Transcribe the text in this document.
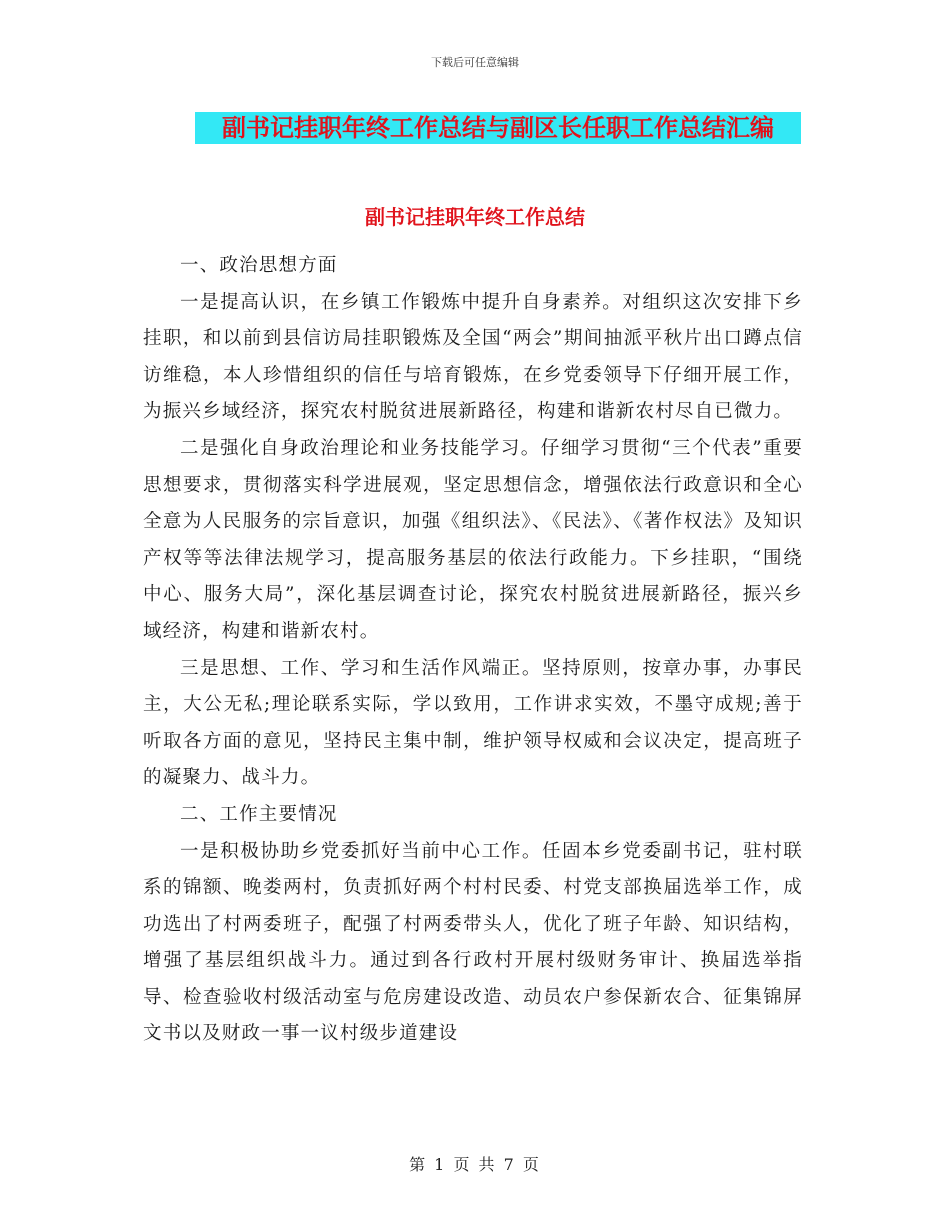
下载后可任意编辑
副书记挂职年终工作总结与副区长任职工作总结汇编
副书记挂职年终工作总结

一、政治思想方面

一是提高认识，在乡镇工作锻炼中提升自身素养。对组织这次安排下乡挂职，和以前到县信访局挂职锻炼及全国“两会”期间抽派平秋片出口蹲点信访维稳，本人珍惜组织的信任与培育锻炼，在乡党委领导下仔细开展工作，为振兴乡域经济，探究农村脱贫进展新路径，构建和谐新农村尽自已微力。

二是强化自身政治理论和业务技能学习。仔细学习贯彻“三个代表”重要思想要求，贯彻落实科学进展观，坚定思想信念，增强依法行政意识和全心全意为人民服务的宗旨意识，加强《组织法》、《民法》、《著作权法》及知识产权等等法律法规学习，提高服务基层的依法行政能力。下乡挂职，“围绕中心、服务大局”，深化基层调查讨论，探究农村脱贫进展新路径，振兴乡域经济，构建和谐新农村。

三是思想、工作、学习和生活作风端正。坚持原则，按章办事，办事民主，大公无私;理论联系实际，学以致用，工作讲求实效，不墨守成规;善于听取各方面的意见，坚持民主集中制，维护领导权威和会议决定，提高班子的凝聚力、战斗力。

二、工作主要情况

一是积极协助乡党委抓好当前中心工作。任固本乡党委副书记，驻村联系的锦额、晚娄两村，负责抓好两个村村民委、村党支部换届选举工作，成功选出了村两委班子，配强了村两委带头人，优化了班子年龄、知识结构，增强了基层组织战斗力。通过到各行政村开展村级财务审计、换届选举指导、检查验收村级活动室与危房建设改造、动员农户参保新农合、征集锦屏文书以及财政一事一议村级步道建设

第 1 页 共 7 页
